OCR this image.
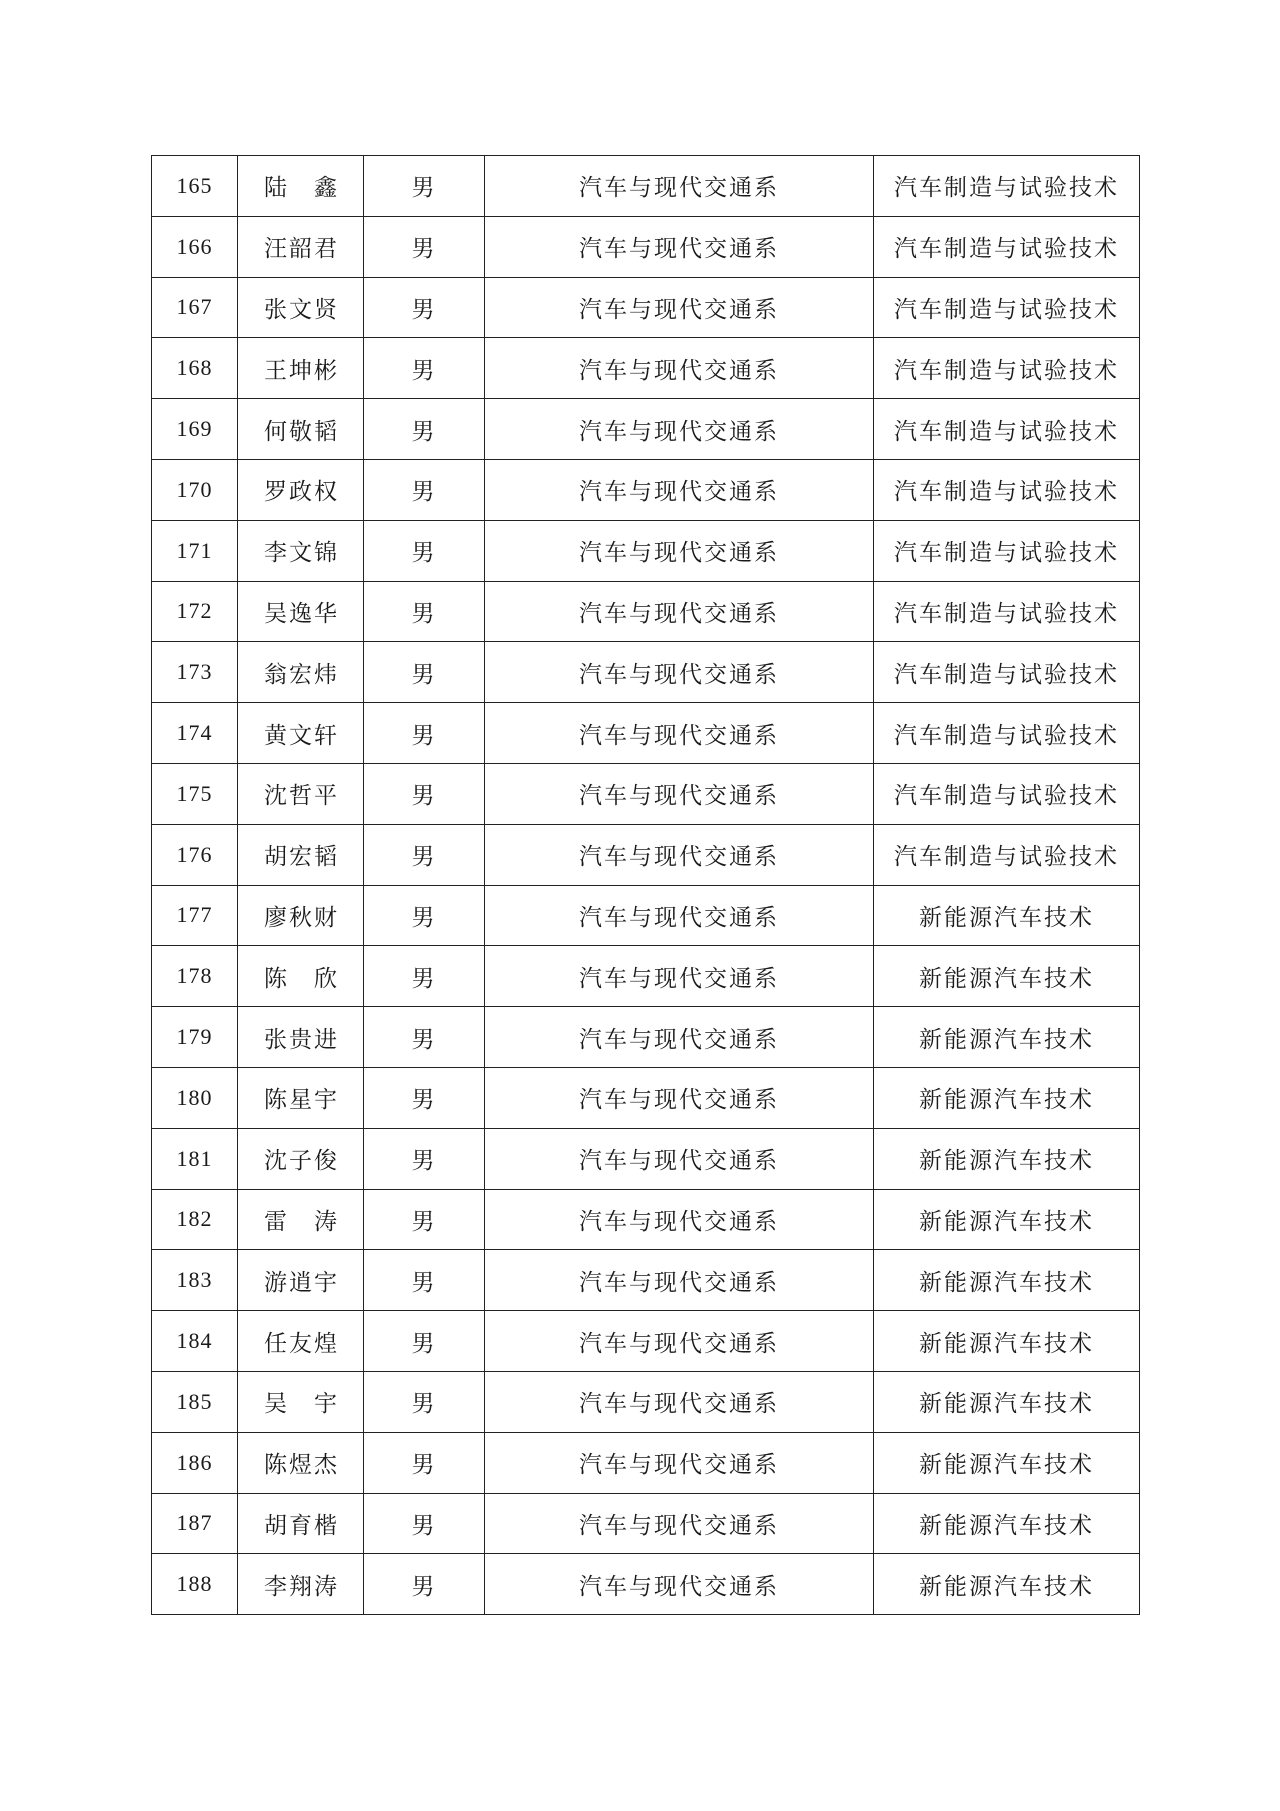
165	陆　鑫	男	汽车与现代交通系	汽车制造与试验技术
166	汪韶君	男	汽车与现代交通系	汽车制造与试验技术
167	张文贤	男	汽车与现代交通系	汽车制造与试验技术
168	王坤彬	男	汽车与现代交通系	汽车制造与试验技术
169	何敬韬	男	汽车与现代交通系	汽车制造与试验技术
170	罗政权	男	汽车与现代交通系	汽车制造与试验技术
171	李文锦	男	汽车与现代交通系	汽车制造与试验技术
172	吴逸华	男	汽车与现代交通系	汽车制造与试验技术
173	翁宏炜	男	汽车与现代交通系	汽车制造与试验技术
174	黄文轩	男	汽车与现代交通系	汽车制造与试验技术
175	沈哲平	男	汽车与现代交通系	汽车制造与试验技术
176	胡宏韬	男	汽车与现代交通系	汽车制造与试验技术
177	廖秋财	男	汽车与现代交通系	新能源汽车技术
178	陈　欣	男	汽车与现代交通系	新能源汽车技术
179	张贵进	男	汽车与现代交通系	新能源汽车技术
180	陈星宇	男	汽车与现代交通系	新能源汽车技术
181	沈子俊	男	汽车与现代交通系	新能源汽车技术
182	雷　涛	男	汽车与现代交通系	新能源汽车技术
183	游逍宇	男	汽车与现代交通系	新能源汽车技术
184	任友煌	男	汽车与现代交通系	新能源汽车技术
185	吴　宇	男	汽车与现代交通系	新能源汽车技术
186	陈煜杰	男	汽车与现代交通系	新能源汽车技术
187	胡育楷	男	汽车与现代交通系	新能源汽车技术
188	李翔涛	男	汽车与现代交通系	新能源汽车技术
